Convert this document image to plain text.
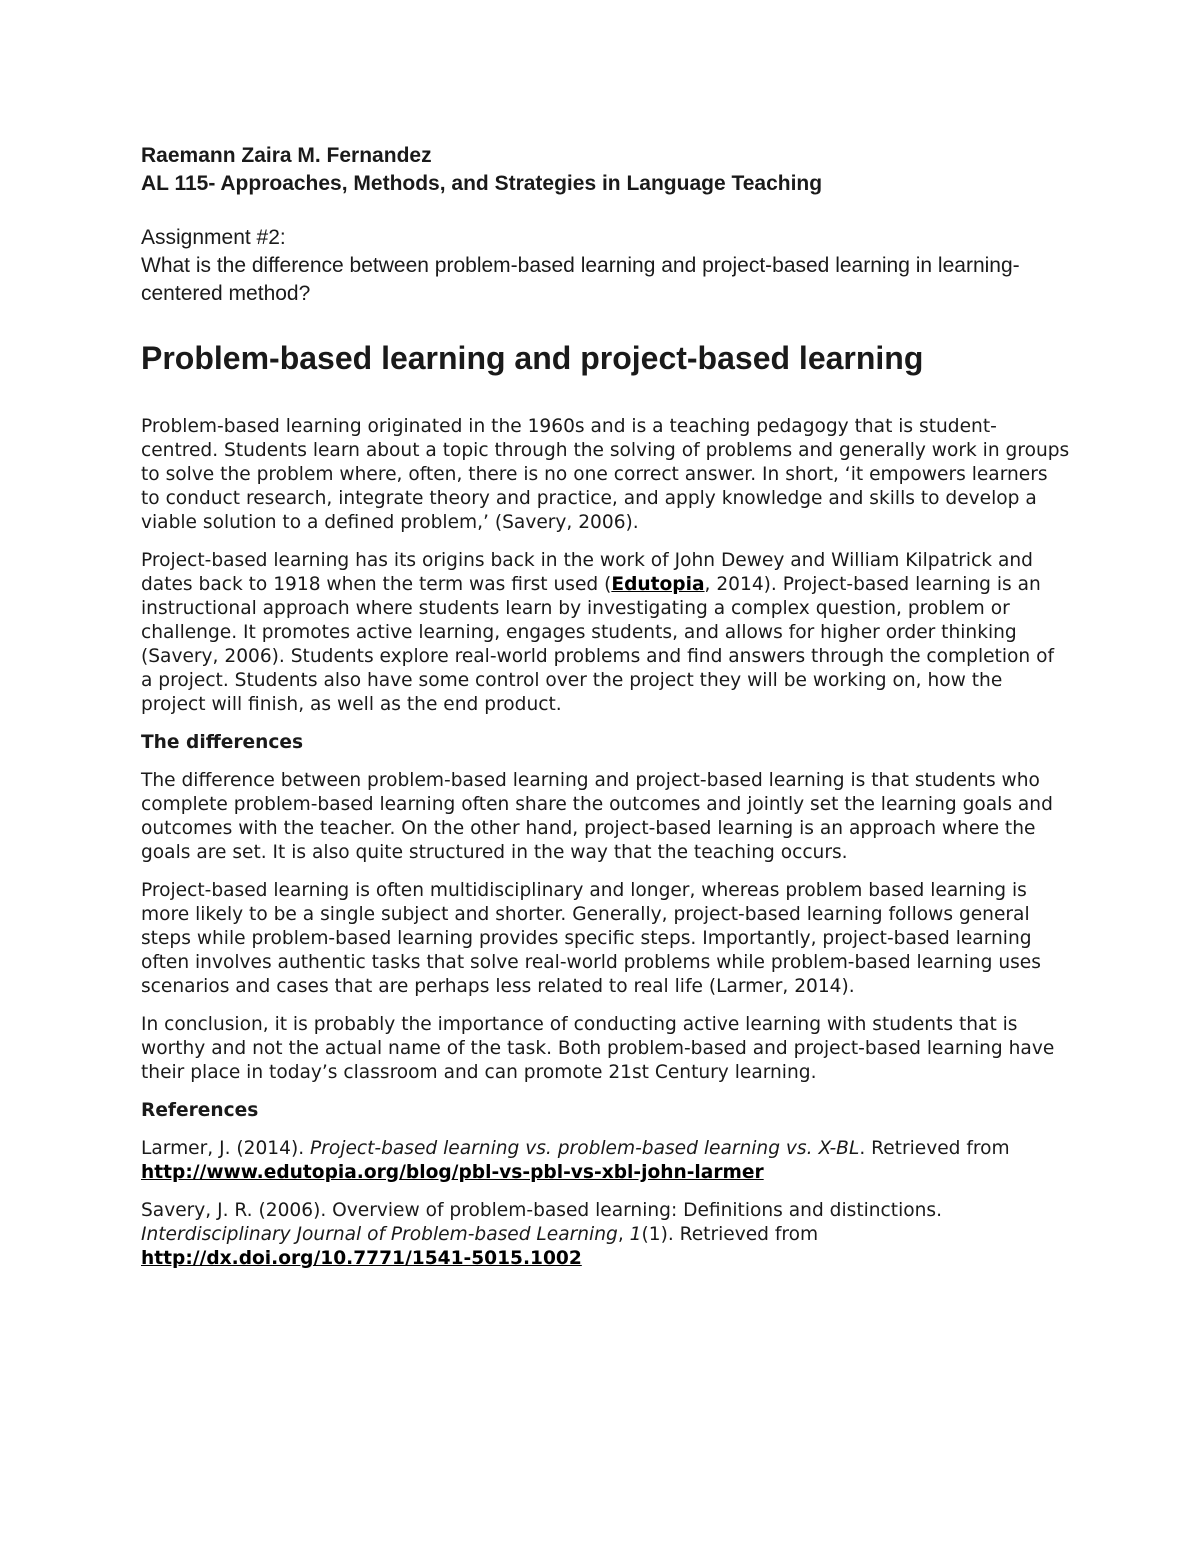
Raemann Zaira M. Fernandez

AL 115- Approaches, Methods, and Strategies in Language Teaching

Assignment #2:

What is the difference between problem-based learning and project-based learning in learning-centered method?

Problem-based learning and project-based learning

Problem-based learning originated in the 1960s and is a teaching pedagogy that is student-centred. Students learn about a topic through the solving of problems and generally work in groups to solve the problem where, often, there is no one correct answer. In short, ‘it empowers learners to conduct research, integrate theory and practice, and apply knowledge and skills to develop a viable solution to a defined problem,’ (Savery, 2006).

Project-based learning has its origins back in the work of John Dewey and William Kilpatrick and dates back to 1918 when the term was first used (Edutopia, 2014). Project-based learning is an instructional approach where students learn by investigating a complex question, problem or challenge. It promotes active learning, engages students, and allows for higher order thinking (Savery, 2006). Students explore real-world problems and find answers through the completion of a project. Students also have some control over the project they will be working on, how the project will finish, as well as the end product.

The differences

The difference between problem-based learning and project-based learning is that students who complete problem-based learning often share the outcomes and jointly set the learning goals and outcomes with the teacher. On the other hand, project-based learning is an approach where the goals are set. It is also quite structured in the way that the teaching occurs.

Project-based learning is often multidisciplinary and longer, whereas problem based learning is more likely to be a single subject and shorter. Generally, project-based learning follows general steps while problem-based learning provides specific steps. Importantly, project-based learning often involves authentic tasks that solve real-world problems while problem-based learning uses scenarios and cases that are perhaps less related to real life (Larmer, 2014).

In conclusion, it is probably the importance of conducting active learning with students that is worthy and not the actual name of the task. Both problem-based and project-based learning have their place in today’s classroom and can promote 21st Century learning.

References

Larmer, J. (2014). Project-based learning vs. problem-based learning vs. X-BL. Retrieved from http://www.edutopia.org/blog/pbl-vs-pbl-vs-xbl-john-larmer

Savery, J. R. (2006). Overview of problem-based learning: Definitions and distinctions. Interdisciplinary Journal of Problem-based Learning, 1(1). Retrieved from http://dx.doi.org/10.7771/1541-5015.1002
